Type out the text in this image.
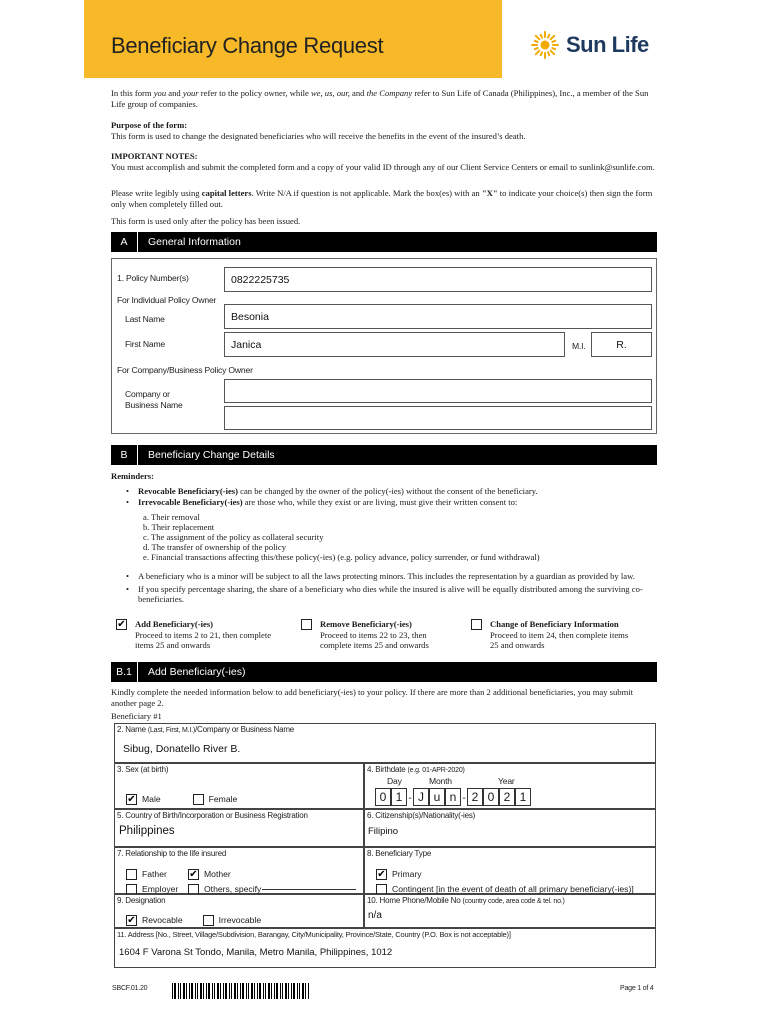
Beneficiary Change Request	Sun Life
In this form you and your refer to the policy owner, while we, us, our, and the Company refer to Sun Life of Canada (Philippines), Inc., a member of the Sun Life group of companies.
Purpose of the form:
This form is used to change the designated beneficiaries who will receive the benefits in the event of the insured’s death.
IMPORTANT NOTES:
You must accomplish and submit the completed form and a copy of your valid ID through any of our Client Service Centers or email to sunlink@sunlife.com.
Please write legibly using capital letters. Write N/A if question is not applicable. Mark the box(es) with an "X" to indicate your choice(s) then sign the form only when completely filled out.
This form is used only after the policy has been issued.
A	General Information
1. Policy Number(s)	0822225735
For Individual Policy Owner
Last Name	Besonia
First Name	Janica	M.I.	R.
For Company/Business Policy Owner
Company or
Business Name
B	Beneficiary Change Details
Reminders:
• Revocable Beneficiary(-ies) can be changed by the owner of the policy(-ies) without the consent of the beneficiary.
• Irrevocable Beneficiary(-ies) are those who, while they exist or are living, must give their written consent to:
a. Their removal
b. Their replacement
c. The assignment of the policy as collateral security
d. The transfer of ownership of the policy
e. Financial transactions affecting this/these policy(-ies) (e.g. policy advance, policy surrender, or fund withdrawal)
• A beneficiary who is a minor will be subject to all the laws protecting minors. This includes the representation by a guardian as provided by law.
• If you specify percentage sharing, the share of a beneficiary who dies while the insured is alive will be equally distributed among the surviving co-beneficiaries.
✔ Add Beneficiary(-ies)
Proceed to items 2 to 21, then complete
items 25 and onwards
Remove Beneficiary(-ies)
Proceed to items 22 to 23, then
complete items 25 and onwards
Change of Beneficiary Information
Proceed to item 24, then complete items
25 and onwards
B.1	Add Beneficiary(-ies)
Kindly complete the needed information below to add beneficiary(-ies) to your policy. If there are more than 2 additional beneficiaries, you may submit another page 2.
Beneficiary #1
2. Name (Last, First, M.I.)/Company or Business Name
Sibug, Donatello River B.
3. Sex (at birth)
✔ Male	Female
4. Birthdate (e.g. 01-APR-2020)
Day	Month	Year
0 1 - J u n - 2 0 2 1
5. Country of Birth/Incorporation or Business Registration
Philippines
6. Citizenship(s)/Nationality(-ies)
Filipino
7. Relationship to the life insured
Father ✔ Mother
Employer	Others, specify
8. Beneficiary Type
✔ Primary
Contingent [in the event of death of all primary beneficiary(-ies)]
9. Designation
✔ Revocable	Irrevocable
10. Home Phone/Mobile No (country code, area code & tel. no.)
n/a
11. Address [No., Street, Village/Subdivision, Barangay, City/Municipality, Province/State, Country (P.O. Box is not acceptable)]
1604 F Varona St Tondo, Manila, Metro Manila, Philippines, 1012
SBCF.01.20	Page 1 of 4
